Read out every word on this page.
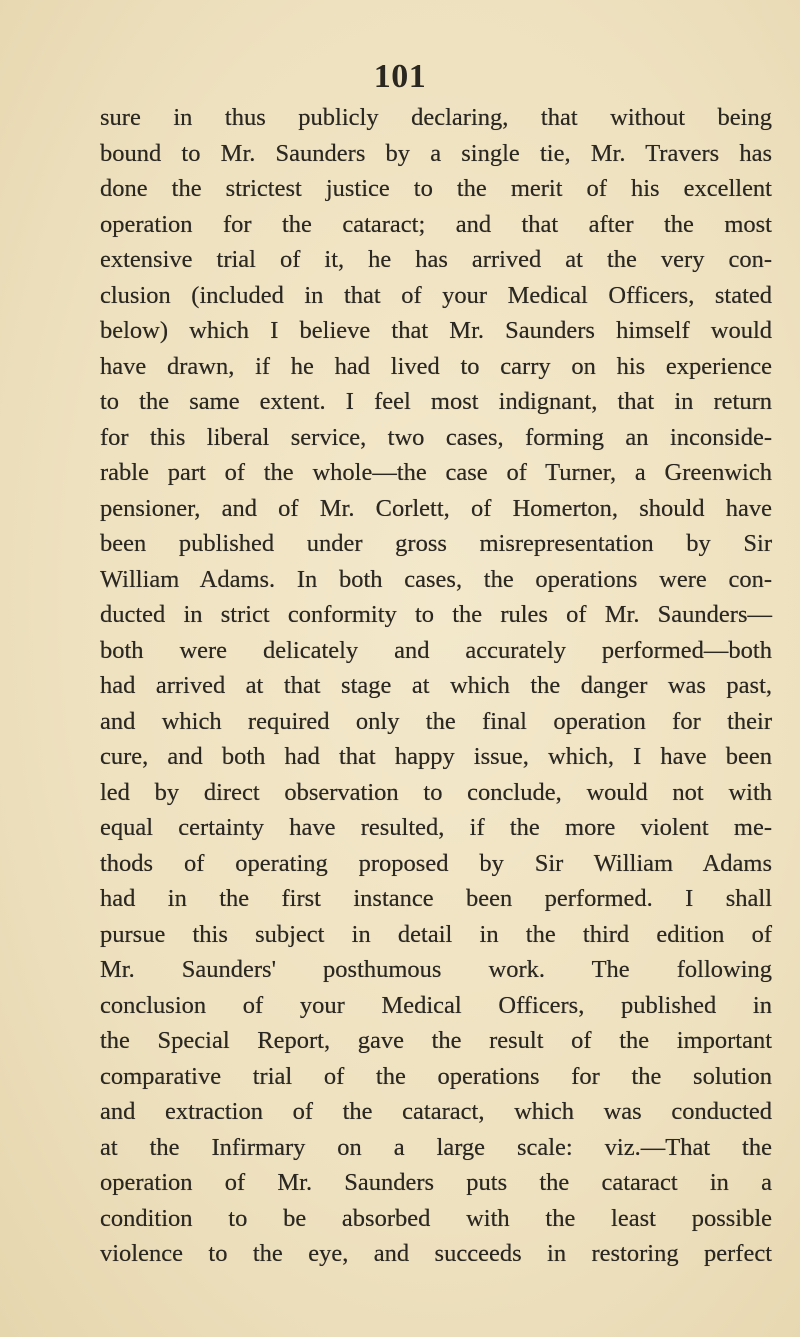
101
sure in thus publicly declaring, that without being
bound to Mr. Saunders by a single tie, Mr. Travers has
done the strictest justice to the merit of his excellent
operation for the cataract; and that after the most
extensive trial of it, he has arrived at the very con-
clusion (included in that of your Medical Officers, stated
below) which I believe that Mr. Saunders himself would
have drawn, if he had lived to carry on his experience
to the same extent. I feel most indignant, that in return
for this liberal service, two cases, forming an inconside-
rable part of the whole—the case of Turner, a Greenwich
pensioner, and of Mr. Corlett, of Homerton, should have
been published under gross misrepresentation by Sir
William Adams. In both cases, the operations were con-
ducted in strict conformity to the rules of Mr. Saunders—
both were delicately and accurately performed—both
had arrived at that stage at which the danger was past,
and which required only the final operation for their
cure, and both had that happy issue, which, I have been
led by direct observation to conclude, would not with
equal certainty have resulted, if the more violent me-
thods of operating proposed by Sir William Adams
had in the first instance been performed. I shall
pursue this subject in detail in the third edition of
Mr. Saunders' posthumous work. The following
conclusion of your Medical Officers, published in
the Special Report, gave the result of the important
comparative trial of the operations for the solution
and extraction of the cataract, which was conducted
at the Infirmary on a large scale: viz.—That the
operation of Mr. Saunders puts the cataract in a
condition to be absorbed with the least possible
violence to the eye, and succeeds in restoring perfect
